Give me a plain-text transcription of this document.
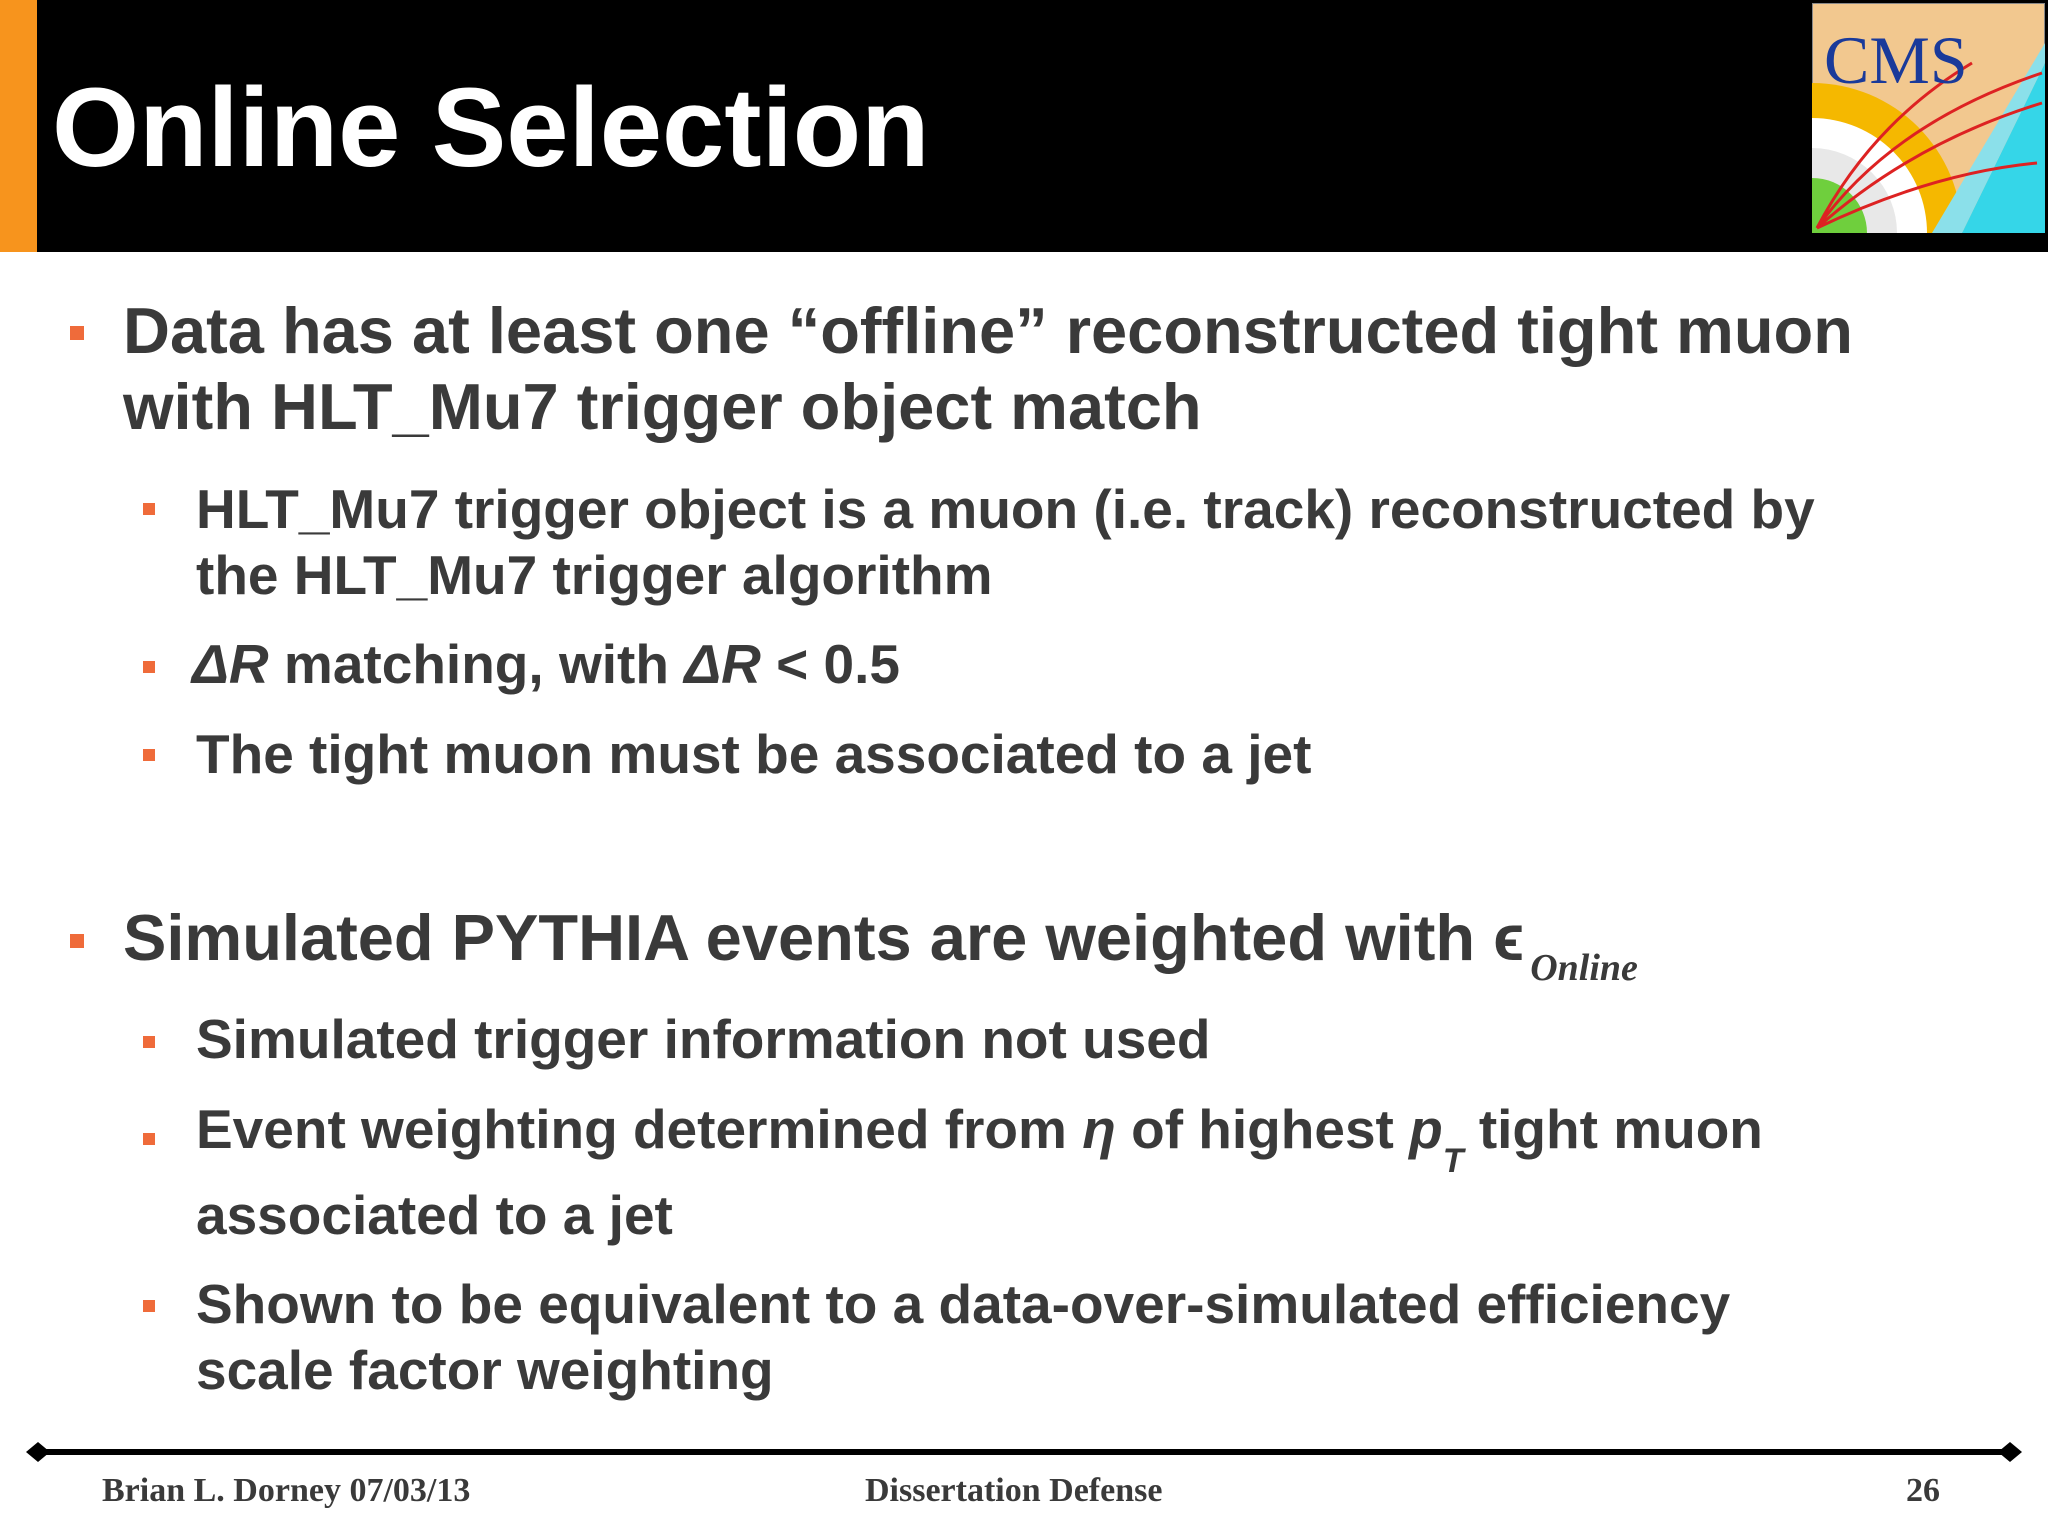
Online Selection
CMS
Data has at least one “offline” reconstructed tight muon
with HLT_Mu7 trigger object match
HLT_Mu7 trigger object is a muon (i.e. track) reconstructed by
the HLT_Mu7 trigger algorithm
ΔR matching, with ΔR < 0.5
The tight muon must be associated to a jet
Simulated PYTHIA events are weighted with ϵ $_{Online}$
Simulated trigger information not used
Event weighting determined from η of highest $p_T$ tight muon
associated to a jet
Shown to be equivalent to a data-over-simulated efficiency
scale factor weighting
Brian L. Dorney 07/03/13	Dissertation Defense	26
